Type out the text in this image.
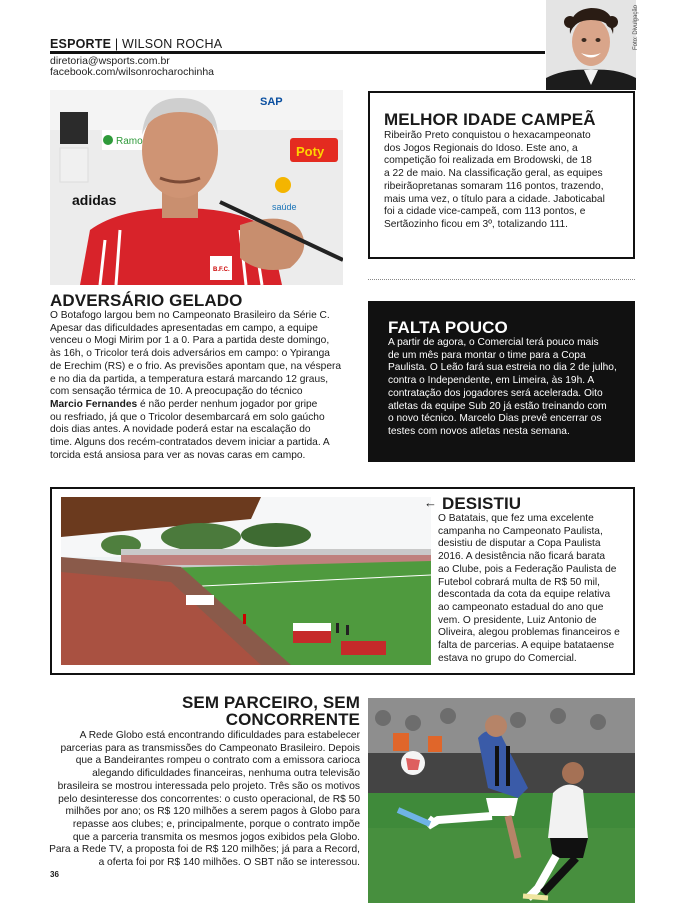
ESPORTE | WILSON ROCHA
diretoria@wsports.com.br
facebook.com/wilsonrocharochinha
Foto: Divulgação
Ramo
adidas
SAP
Poty
saúde
B.F.C.
MELHOR IDADE CAMPEÃ
Ribeirão Preto conquistou o hexacampeonato
dos Jogos Regionais do Idoso. Este ano, a
competição foi realizada em Brodowski, de 18
a 22 de maio. Na classificação geral, as equipes
ribeirãopretanas somaram 116 pontos, trazendo,
mais uma vez, o título para a cidade. Jaboticabal
foi a cidade vice-campeã, com 113 pontos, e
Sertãozinho ficou em 3º, totalizando 111.
ADVERSÁRIO GELADO
O Botafogo largou bem no Campeonato Brasileiro da Série C.
Apesar das dificuldades apresentadas em campo, a equipe
venceu o Mogi Mirim por 1 a 0. Para a partida deste domingo,
às 16h, o Tricolor terá dois adversários em campo: o Ypiranga
de Erechim (RS) e o frio. As previsões apontam que, na véspera
e no dia da partida, a temperatura estará marcando 12 graus,
com sensação térmica de 10. A preocupação do técnico
Marcio Fernandes é não perder nenhum jogador por gripe
ou resfriado, já que o Tricolor desembarcará em solo gaúcho
dois dias antes. A novidade poderá estar na escalação do
time. Alguns dos recém-contratados devem iniciar a partida. A
torcida está ansiosa para ver as novas caras em campo.
FALTA POUCO
A partir de agora, o Comercial terá pouco mais
de um mês para montar o time para a Copa
Paulista. O Leão fará sua estreia no dia 2 de julho,
contra o Independente, em Limeira, às 19h. A
contratação dos jogadores será acelerada. Oito
atletas da equipe Sub 20 já estão treinando com
o novo técnico. Marcelo Dias prevê encerrar os
testes com novos atletas nesta semana.
← DESISTIU
O Batatais, que fez uma excelente
campanha no Campeonato Paulista,
desistiu de disputar a Copa Paulista
2016. A desistência não ficará barata
ao Clube, pois a Federação Paulista de
Futebol cobrará multa de R$ 50 mil,
descontada da cota da equipe relativa
ao campeonato estadual do ano que
vem. O presidente, Luiz Antonio de
Oliveira, alegou problemas financeiros e
falta de parcerias. A equipe batataense
estava no grupo do Comercial.
SEM PARCEIRO, SEM CONCORRENTE
A Rede Globo está encontrando dificuldades para estabelecer
parcerias para as transmissões do Campeonato Brasileiro. Depois
que a Bandeirantes rompeu o contrato com a emissora carioca
alegando dificuldades financeiras, nenhuma outra televisão
brasileira se mostrou interessada pelo projeto. Três são os motivos
pelo desinteresse dos concorrentes: o custo operacional, de R$ 50
milhões por ano; os R$ 120 milhões a serem pagos à Globo para
repasse aos clubes; e, principalmente, porque o contrato impõe
que a parceria transmita os mesmos jogos exibidos pela Globo.
Para a Rede TV, a proposta foi de R$ 120 milhões; já para a Record,
a oferta foi por R$ 140 milhões. O SBT não se interessou.
36
